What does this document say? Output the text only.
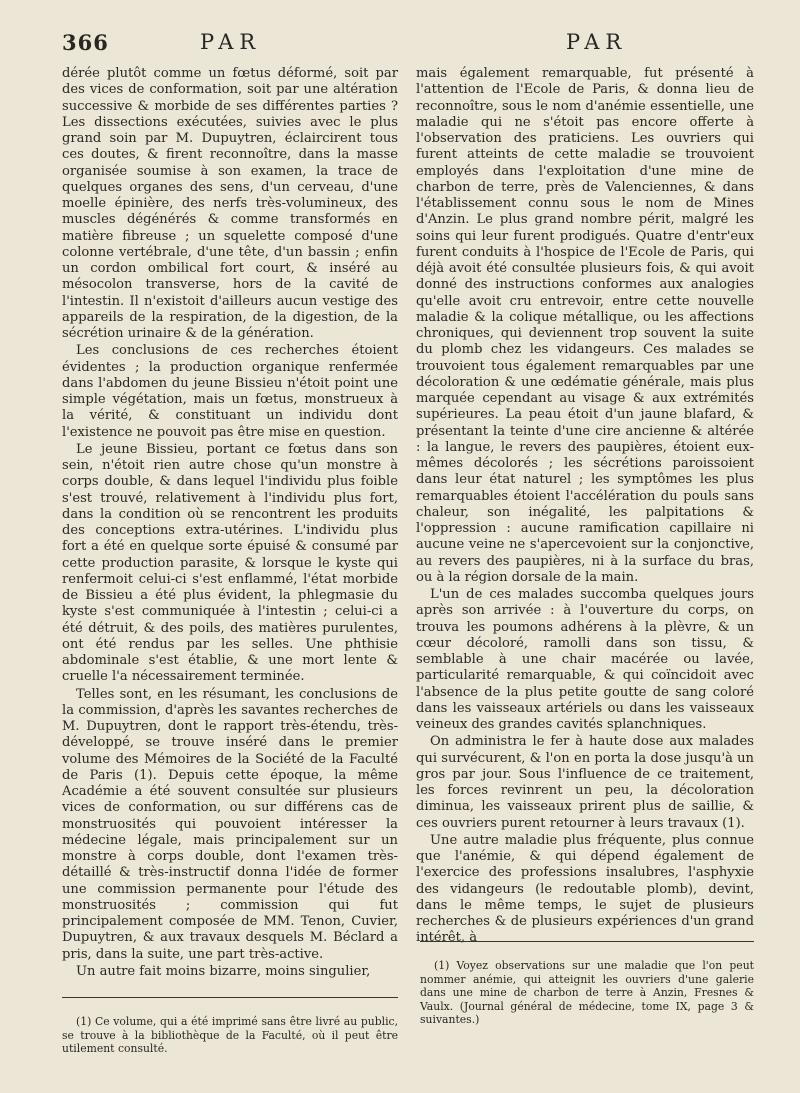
366	PAR	PAR

dérée plutôt comme un fœtus déformé, soit par des vices de conformation, soit par une altération successive & morbide de ses différentes parties ? Les dissections exécutées, suivies avec le plus grand soin par M. Dupuytren, éclaircirent tous ces doutes, & firent reconnoître, dans la masse organisée soumise à son examen, la trace de quelques organes des sens, d'un cerveau, d'une moelle épinière, des nerfs très-volumineux, des muscles dégénérés & comme transformés en matière fibreuse ; un squelette composé d'une colonne vertébrale, d'une tête, d'un bassin ; enfin un cordon ombilical fort court, & inséré au mésocolon transverse, hors de la cavité de l'intestin. Il n'existoit d'ailleurs aucun vestige des appareils de la respiration, de la digestion, de la sécrétion urinaire & de la génération.

Les conclusions de ces recherches étoient évidentes ; la production organique renfermée dans l'abdomen du jeune Bissieu n'étoit point une simple végétation, mais un fœtus, monstrueux à la vérité, & constituant un individu dont l'existence ne pouvoit pas être mise en question.

Le jeune Bissieu, portant ce fœtus dans son sein, n'étoit rien autre chose qu'un monstre à corps double, & dans lequel l'individu plus foible s'est trouvé, relativement à l'individu plus fort, dans la condition où se rencontrent les produits des conceptions extra-utérines. L'individu plus fort a été en quelque sorte épuisé & consumé par cette production parasite, & lorsque le kyste qui renfermoit celui-ci s'est enflammé, l'état morbide de Bissieu a été plus évident, la phlegmasie du kyste s'est communiquée à l'intestin ; celui-ci a été détruit, & des poils, des matières purulentes, ont été rendus par les selles. Une phthisie abdominale s'est établie, & une mort lente & cruelle l'a nécessairement terminée.

Telles sont, en les résumant, les conclusions de la commission, d'après les savantes recherches de M. Dupuytren, dont le rapport très-étendu, très-développé, se trouve inséré dans le premier volume des Mémoires de la Société de la Faculté de Paris (1). Depuis cette époque, la même Académie a été souvent consultée sur plusieurs vices de conformation, ou sur différens cas de monstruosités qui pouvoient intéresser la médecine légale, mais principalement sur un monstre à corps double, dont l'examen très-détaillé & très-instructif donna l'idée de former une commission permanente pour l'étude des monstruosités ; commission qui fut principalement composée de MM. Tenon, Cuvier, Dupuytren, & aux travaux desquels M. Béclard a pris, dans la suite, une part très-active.

Un autre fait moins bizarre, moins singulier,

mais également remarquable, fut présenté à l'attention de l'Ecole de Paris, & donna lieu de reconnoître, sous le nom d'anémie essentielle, une maladie qui ne s'étoit pas encore offerte à l'observation des praticiens. Les ouvriers qui furent atteints de cette maladie se trouvoient employés dans l'exploitation d'une mine de charbon de terre, près de Valenciennes, & dans l'établissement connu sous le nom de Mines d'Anzin. Le plus grand nombre périt, malgré les soins qui leur furent prodigués. Quatre d'entr'eux furent conduits à l'hospice de l'Ecole de Paris, qui déjà avoit été consultée plusieurs fois, & qui avoit donné des instructions conformes aux analogies qu'elle avoit cru entrevoir, entre cette nouvelle maladie & la colique métallique, ou les affections chroniques, qui deviennent trop souvent la suite du plomb chez les vidangeurs. Ces malades se trouvoient tous également remarquables par une décoloration & une œdématie générale, mais plus marquée cependant au visage & aux extrémités supérieures. La peau étoit d'un jaune blafard, & présentant la teinte d'une cire ancienne & altérée : la langue, le revers des paupières, étoient eux-mêmes décolorés ; les sécrétions paroissoient dans leur état naturel ; les symptômes les plus remarquables étoient l'accélération du pouls sans chaleur, son inégalité, les palpitations & l'oppression : aucune ramification capillaire ni aucune veine ne s'apercevoient sur la conjonctive, au revers des paupières, ni à la surface du bras, ou à la région dorsale de la main.

L'un de ces malades succomba quelques jours après son arrivée : à l'ouverture du corps, on trouva les poumons adhérens à la plèvre, & un cœur décoloré, ramolli dans son tissu, & semblable à une chair macérée ou lavée, particularité remarquable, & qui coïncidoit avec l'absence de la plus petite goutte de sang coloré dans les vaisseaux artériels ou dans les vaisseaux veineux des grandes cavités splanchniques.

On administra le fer à haute dose aux malades qui survécurent, & l'on en porta la dose jusqu'à un gros par jour. Sous l'influence de ce traitement, les forces revinrent un peu, la décoloration diminua, les vaisseaux prirent plus de saillie, & ces ouvriers purent retourner à leurs travaux (1).

Une autre maladie plus fréquente, plus connue que l'anémie, & qui dépend également de l'exercice des professions insalubres, l'asphyxie des vidangeurs (le redoutable plomb), devint, dans le même temps, le sujet de plusieurs recherches & de plusieurs expériences d'un grand intérêt, à

(1) Ce volume, qui a été imprimé sans être livré au public, se trouve à la bibliothèque de la Faculté, où il peut être utilement consulté.

(1) Voyez observations sur une maladie que l'on peut nommer anémie, qui atteignit les ouvriers d'une galerie dans une mine de charbon de terre à Anzin, Fresnes & Vaulx. (Journal général de médecine, tome IX, page 3 & suivantes.)
